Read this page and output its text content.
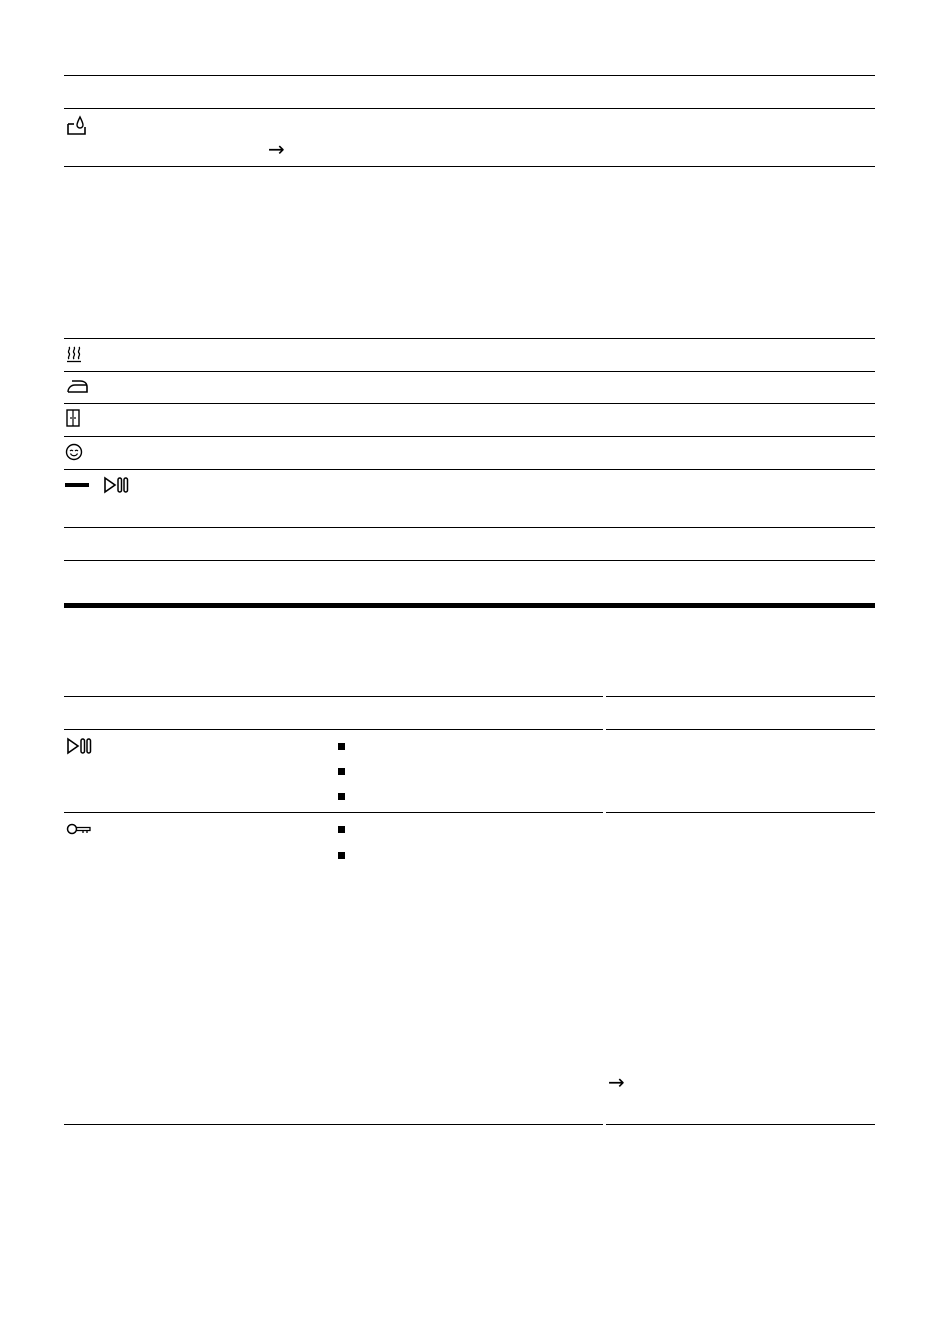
→
→
